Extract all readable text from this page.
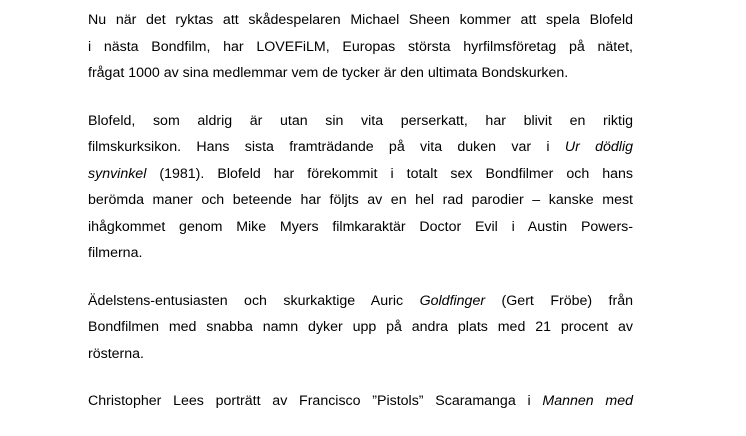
Nu när det ryktas att skådespelaren Michael Sheen kommer att spela Blofeld
i nästa Bondfilm, har LOVEFiLM, Europas största hyrfilmsföretag på nätet,
frågat 1000 av sina medlemmar vem de tycker är den ultimata Bondskurken.

Blofeld, som aldrig är utan sin vita perserkatt, har blivit en riktig
filmskurksikon. Hans sista framträdande på vita duken var i Ur dödlig
synvinkel (1981). Blofeld har förekommit i totalt sex Bondfilmer och hans
berömda maner och beteende har följts av en hel rad parodier – kanske mest
ihågkommet genom Mike Myers filmkaraktär Doctor Evil i Austin Powers-
filmerna.

Ädelstens-entusiasten och skurkaktige Auric Goldfinger (Gert Fröbe) från
Bondfilmen med snabba namn dyker upp på andra plats med 21 procent av
rösterna.

Christopher Lees porträtt av Francisco ”Pistols” Scaramanga i Mannen med
